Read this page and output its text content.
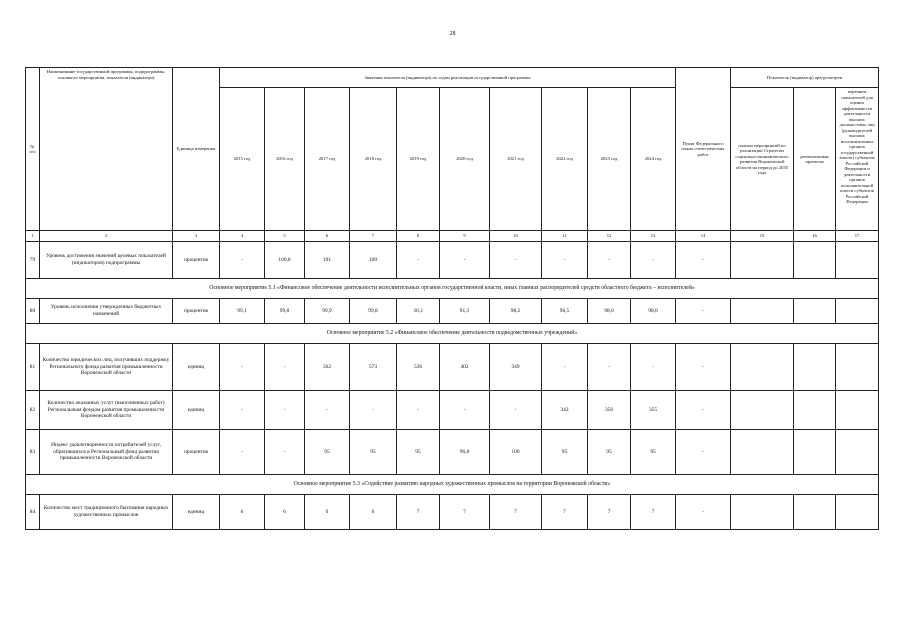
28
№ п/п	Наименование государственной программы, подпрограммы, основного мероприятия, показателя (индикатора)	Единица измерения	Значения показателя (индикатора) по годам реализации государственной программы										Пункт Федерального плана статистических работ	Показатель (индикатор) предусмотрен		
			2015 год	2016 год	2017 год	2018 год	2019 год	2020 год	2021 год	2022 год	2023 год	2024 год		планом мероприятий по реализации Стратегии социально-экономического развития Воронежской области на период до 2035 года	региональным проектом	перечнем показателей для оценки эффективности деятельности высших должностных лиц (руководителей высших исполнительных органов государственной власти) субъектов Российской Федерации и деятельности органов исполнительной власти субъектов Российской Федерации
1	2	3	4	5	6	7	8	9	10	11	12	13	14	15	16	17
79	Уровень достижения значений целевых показателей (индикаторов) подпрограммы	процентов	-	100,8	101	100	-	-	-	-	-	-	-			
Основное мероприятие 5.1 «Финансовое обеспечение деятельности исполнительных органов государственной власти, иных главных распорядителей средств областного бюджета – исполнителей»																
80	Уровень исполнения утвержденных бюджетных назначений	процентов	99,1	99,8	99,9	99,8	30,3	91,3	98,2	96,5	98,0	98,0	-			
Основное мероприятие 5.2 «Финансовое обеспечение деятельности подведомственных учреждений»																
81	Количество юридических лиц, получивших поддержку Регионального фонда развития промышленности Воронежской области	единиц	-	-	562	573	536	402	349	-	-	-	-			
82	Количество оказанных услуг (выполненных работ) Региональным фондом развития промышленности Воронежской области	единиц	-	-	-	-	-	-	-	342	356	355	-			
83	Индекс удовлетворенности потребителей услуг, обратившихся в Региональный фонд развития промышленности Воронежской области	процентов	-	-	95	95	95	96,8	100	95	95	95	-			
Основное мероприятие 5.3 «Содействие развитию народных художественных промыслов на территории Воронежской области»																
84	Количество мест традиционного бытования народных художественных промыслов	единиц	6	6	6	6	7	7	7	7	7	7	-			
